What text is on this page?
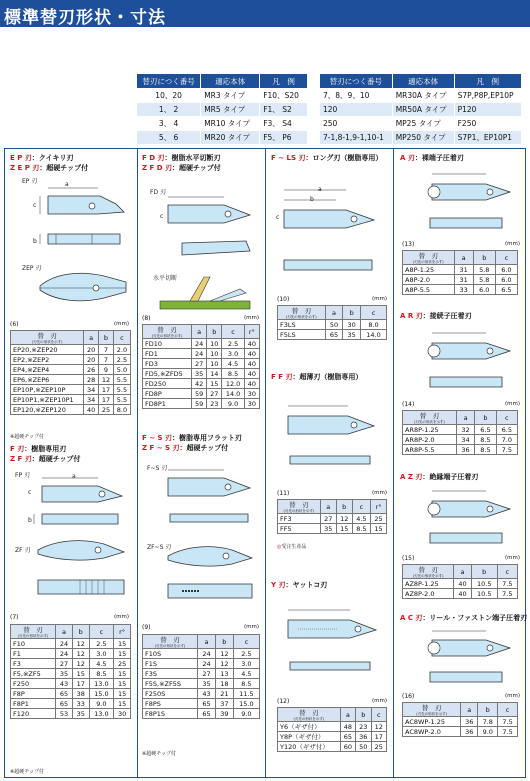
標準替刃形状・寸法
替刃につく番号	適応本体	凡　例
10、20	MR3 タイプ	F10、S20
1、 2	MR5 タイプ	F1、 S2
3、 4	MR10 タイプ	F3、 S4
5、 6	MR20 タイプ	F5、 P6
替刃につく番号	適応本体	凡　例
7、8、9、10	MR30A タイプ	S7P,P8P,EP10P
120	MR50A タイプ	P120
250	MP25 タイプ	F250
7-1,8-1,9-1,10-1	MP250 タイプ	S7P1、EP10P1
E P 刃：クイキリ刃
Z E P 刃：超硬チップ付
EP 刃	a
c
b
ZEP 刃
(6)	(mm)
替　刃
(刃先の形状を示す)	a	b	c
EP20,※ZEP20	20	7	2.0
EP2,※ZEP2	20	7	2.5
EP4,※ZEP4	26	9	5.0
EP6,※ZEP6	28	12	5.5
EP10P,※ZEP10P	34	17	5.5
EP10P1,※ZEP10P1	34	17	5.5
EP120,※ZEP120	40	25	8.0
※超硬チップ付
F 刃：樹脂専用刃
Z F 刃：超硬チップ付
FP 刃	a
c
b
ZF 刃
(7)	(mm)
替　刃
(刃先の形状を示す)	a	b	c	r°
F10	24	12	2.5	15
F1	24	12	3.0	15
F3	27	12	4.5	25
F5,※ZF5	35	15	8.5	15
F250	43	17	13.0	15
F8P	65	38	15.0	15
F8P1	65	33	9.0	15
F120	53	35	13.0	30
※超硬チップ付
F D 刃：樹脂水平切断刃
Z F D 刃：超硬チップ付
FD 刃
c
水平切断
(8)	(mm)
替　刃
(刃先の形状を示す)	a	b	c	r°
FD10	24	10	2.5	40
FD1	24	10	3.0	40
FD3	27	10	4.5	40
FD5,※ZFD5	35	14	8.5	40
FD250	42	15	12.0	40
FD8P	59	27	14.0	30
FD8P1	59	23	9.0	30
F ~ S 刃：樹脂専用フラット刃
Z F ~ S 刃：超硬チップ付
F~S 刃
ZF~S 刃
(9)	(mm)
替　刃
(刃先の形状を示す)	a	b	c
F10S	24	12	2.5
F1S	24	12	3.0
F3S	27	13	4.5
F5S,※ZF5S	35	18	8.5
F250S	43	21	11.5
F8PS	65	37	15.0
F8P1S	65	39	9.0
※超硬チップ付
F ~ LS 刃：ロング刃（樹脂専用）
a
b
c
(10)	(mm)
替　刃
(刃先の形状を示す)	a	b	c
F3LS	50	30	8.0
F5LS	65	35	14.0
F F 刃：超薄刃（樹脂専用）
(11)	(mm)
替　刃
(刃先の形状を示す)	a	b	c	r°
FF3	27	12	4.5	25
FF5	35	15	8.5	15
◎受注生産品
Y 刃：ヤットコ刃
(12)	(mm)
替　刃
(刃先の形状を示す)	a	b	c
Y6（ギザ付）	48	23	12
Y8P（ギザ付）	65	36	17
Y120（ギザ付）	60	50	25
A 刃：裸端子圧着刃
(13)	(mm)
替　刃
(刃先の形状を示す)	a	b	c
A8P-1.25	31	5.8	6.0
A8P-2.0	31	5.8	6.0
A8P-5.5	33	6.0	6.5
A R 刃：接続子圧着刃
(14)	(mm)
替　刃
(刃先の形状を示す)	a	b	c
AR8P-1.25	32	6.5	6.5
AR8P-2.0	34	8.5	7.0
AR8P-5.5	36	8.5	7.5
A Z 刃：絶縁端子圧着刃
(15)	(mm)
替　刃
(刃先の形状を示す)	a	b	c
AZ8P-1.25	40	10.5	7.5
AZ8P-2.0	40	10.5	7.5
A C 刃：リール・ファストン端子圧着刃
(16)	(mm)
替　刃
(刃先の形状を示す)	a	b	c
AC8WP-1.25	36	7.8	7.5
AC8WP-2.0	36	9.0	7.5
